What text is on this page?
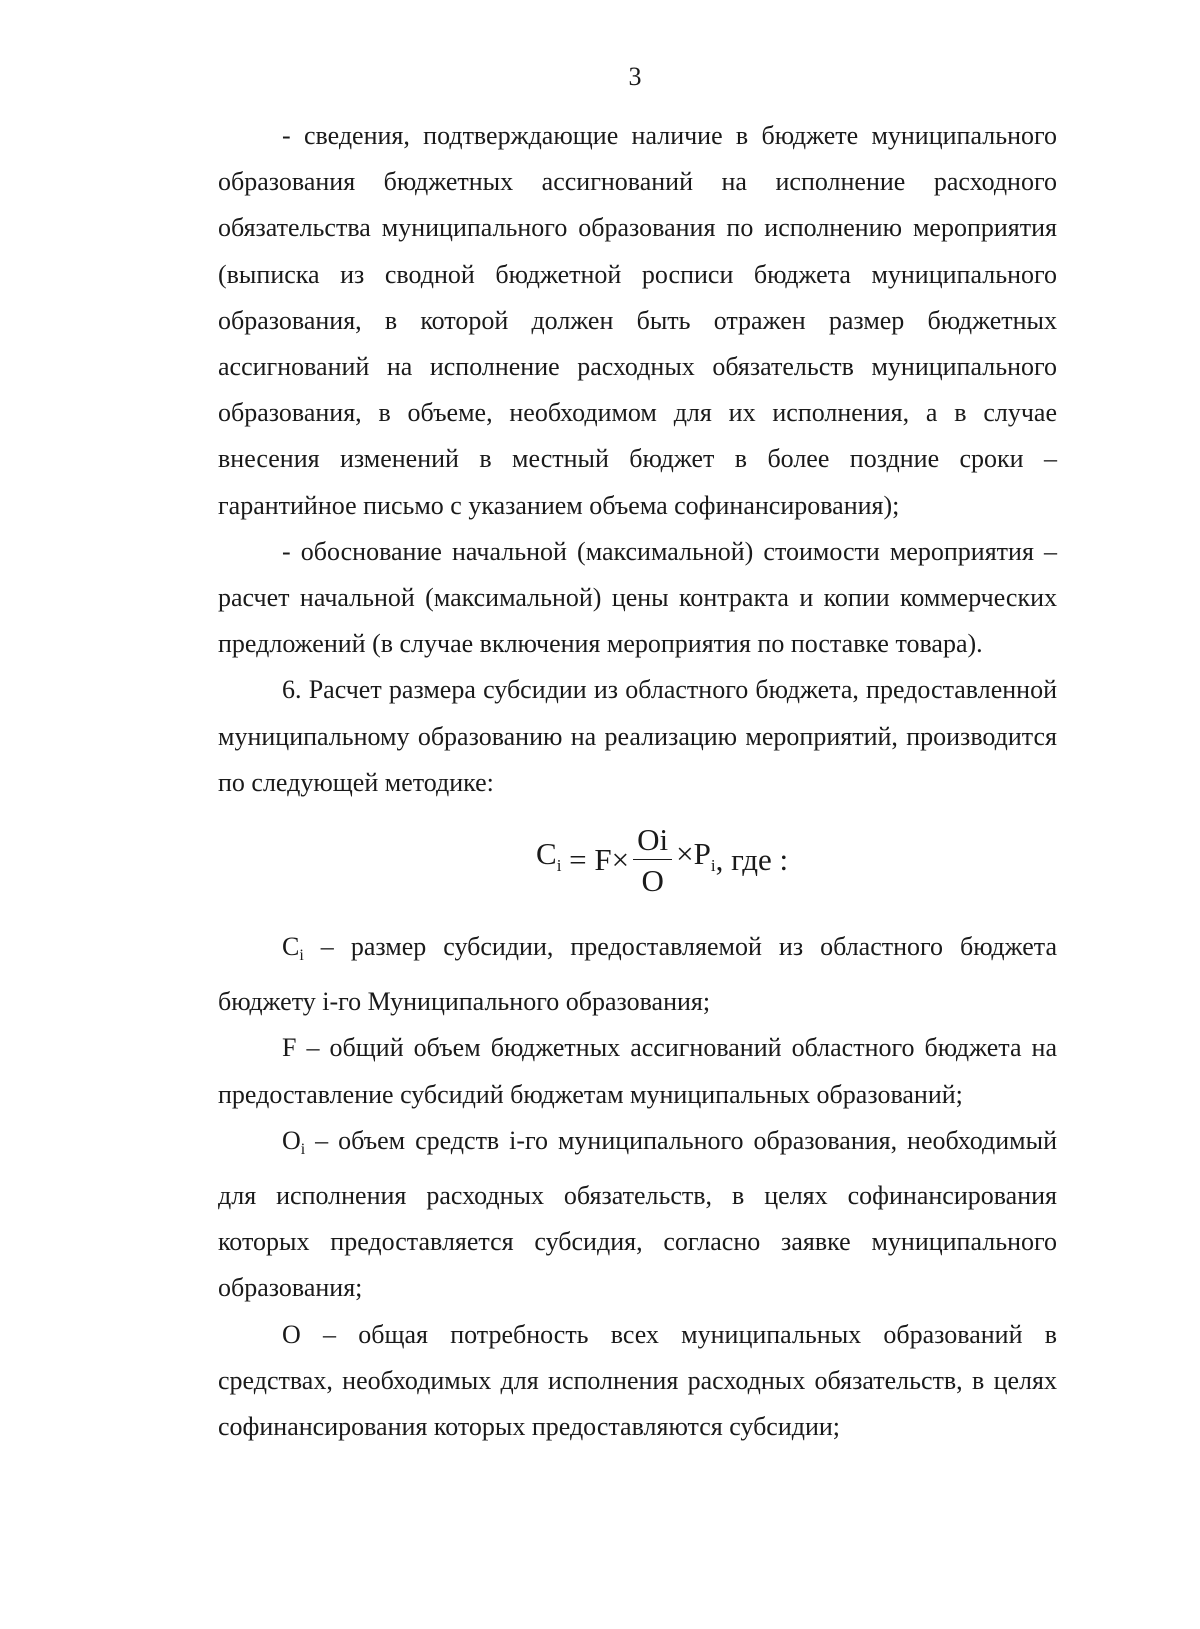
3

- сведения, подтверждающие наличие в бюджете муниципального образования бюджетных ассигнований на исполнение расходного обязательства муниципального образования по исполнению мероприятия (выписка из сводной бюджетной росписи бюджета муниципального образования, в которой должен быть отражен размер бюджетных ассигнований на исполнение расходных обязательств муниципального образования, в объеме, необходимом для их исполнения, а в случае внесения изменений в местный бюджет в более поздние сроки – гарантийное письмо с указанием объема софинансирования);

- обоснование начальной (максимальной) стоимости мероприятия – расчет начальной (максимальной) цены контракта и копии коммерческих предложений (в случае включения мероприятия по поставке товара).

6. Расчет размера субсидии из областного бюджета, предоставленной муниципальному образованию на реализацию мероприятий, производится по следующей методике:

$C_i = F\times \frac{Oi}{O} \times P_i$ , где :

Ci – размер субсидии, предоставляемой из областного бюджета бюджету i-го Муниципального образования;

F – общий объем бюджетных ассигнований областного бюджета на предоставление субсидий бюджетам муниципальных образований;

Oi – объем средств i-го муниципального образования, необходимый для исполнения расходных обязательств, в целях софинансирования которых предоставляется субсидия, согласно заявке муниципального образования;

O – общая потребность всех муниципальных образований в средствах, необходимых для исполнения расходных обязательств, в целях софинансирования которых предоставляются субсидии;
